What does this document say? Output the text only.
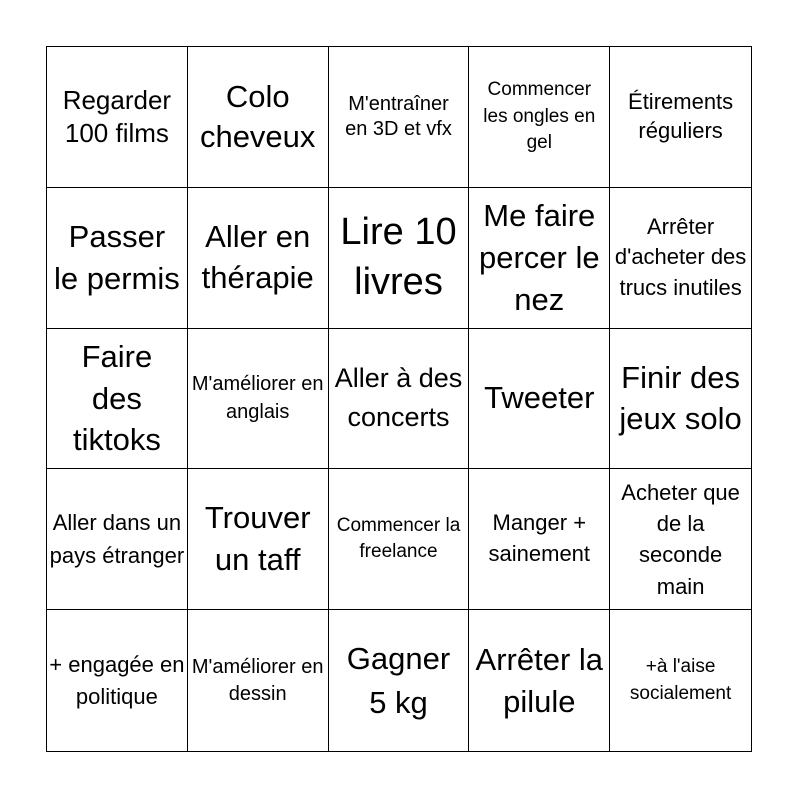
Regarder 100 films
Colo cheveux
M'entraîner en 3D et vfx
Commencer les ongles en gel
Étirements réguliers
Passer le permis
Aller en thérapie
Lire 10 livres
Me faire percer le nez
Arrêter d'acheter des trucs inutiles
Faire des tiktoks
M'améliorer en anglais
Aller à des concerts
Tweeter
Finir des jeux solo
Aller dans un pays étranger
Trouver un taff
Commencer la freelance
Manger + sainement
Acheter que de la seconde main
+ engagée en politique
M'améliorer en dessin
Gagner 5 kg
Arrêter la pilule
+à l'aise socialement
